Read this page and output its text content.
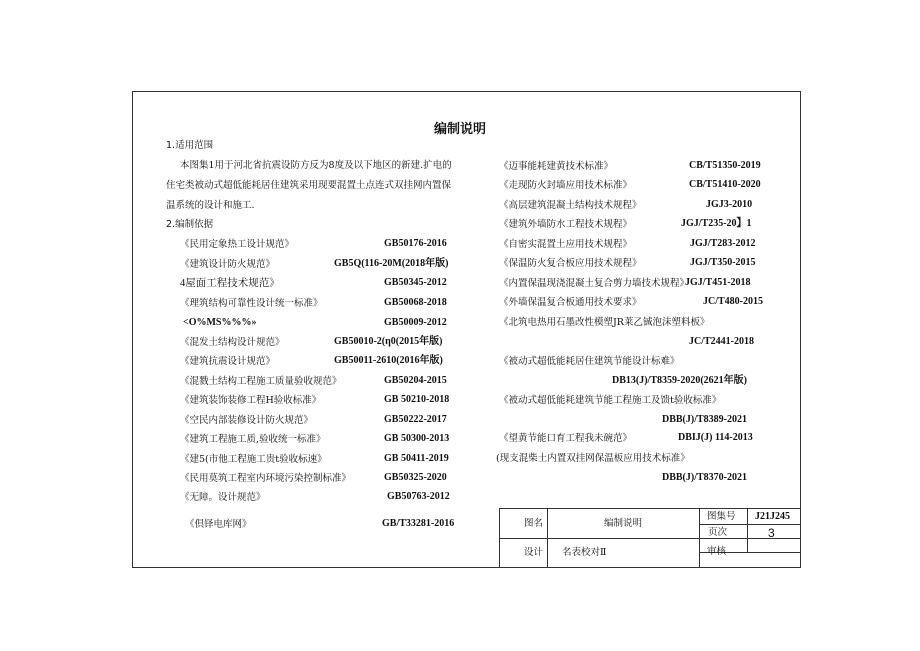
编制说明
1.适用范围
本图集1用于河北省抗震设防方反为8度及以下地区的新建.扩电的
住宅类被动式超低能耗居住建筑采用现要混置土点连式双挂网内置保
温系统的设计和施工.
2.编制依据
《民用定象热工设计规范》	GB50176-2016
《建筑设计防火规范》	GB5Q(116-20M(2018年版)
4屋面工程技术规范》	GB50345-2012
《理筑结构可靠性设计统一标准》	GB50068-2018
<O%MS%%%»	GB50009-2012
《混发土结构设计规范》	GB50010-2(η0(2015年版)
《建筑抗震设计规范》	GB50011-2610(2016年版)
《混戮土结构工程施工质量验收规范》	GB50204-2015
《建筑装饰装修工程H验收标准》	GB 50210-2018
《空民内部装修设计防火规范》	GB50222-2017
《建筑工程施工质,验收统一标准》	GB 50300-2013
《建5(市他工程施工贵t验收标速》	GB 50411-2019
《民用莫筑工程室内环境污染控制标准》	GB50325-2020
《无障。设计规范》	GB50763-2012
《倶铎电库网》	GB/T33281-2016
《迈事能耗建黄技术标准》	CB/T51350-2019
《走现防火封墙应用技术标准》	CB/T51410-2020
《高层建筑混凝土结构技术规程》	JGJ3-2010
《建筑外墙防水工程技术规程》	JGJ/T235-20】1
《自密实混置土应用技术规程》	JGJ/T283-2012
《保温防火复合板应用技术规程》	JGJ/T350-2015
《内置保温现浇混凝土复合剪力墙技术规程》
JGJ/T451-2018
《外墙保温复合板通用技术要求》	JC/T480-2015
《北筑电热用石墨改性模塑JR莱乙铖泡沫塑料板》
JC/T2441-2018
《被动式超低能耗居住建筑节能设计标难》
DB13(J)/T8359-2020(2621年版)
《被动式超低能耗建筑节能工程施工及馈t验收标准》
DBB(J)/T8389-2021
《望黄节能口育工程我未碗范》	DBIJ(J) 114-2013
(现支混柴土内置双挂网保温板应用技术标准》
DBB(J)/T8370-2021
图名	编制说明
图集号 J21J245
页次	3
设计 名表校对Ⅱ	审核
